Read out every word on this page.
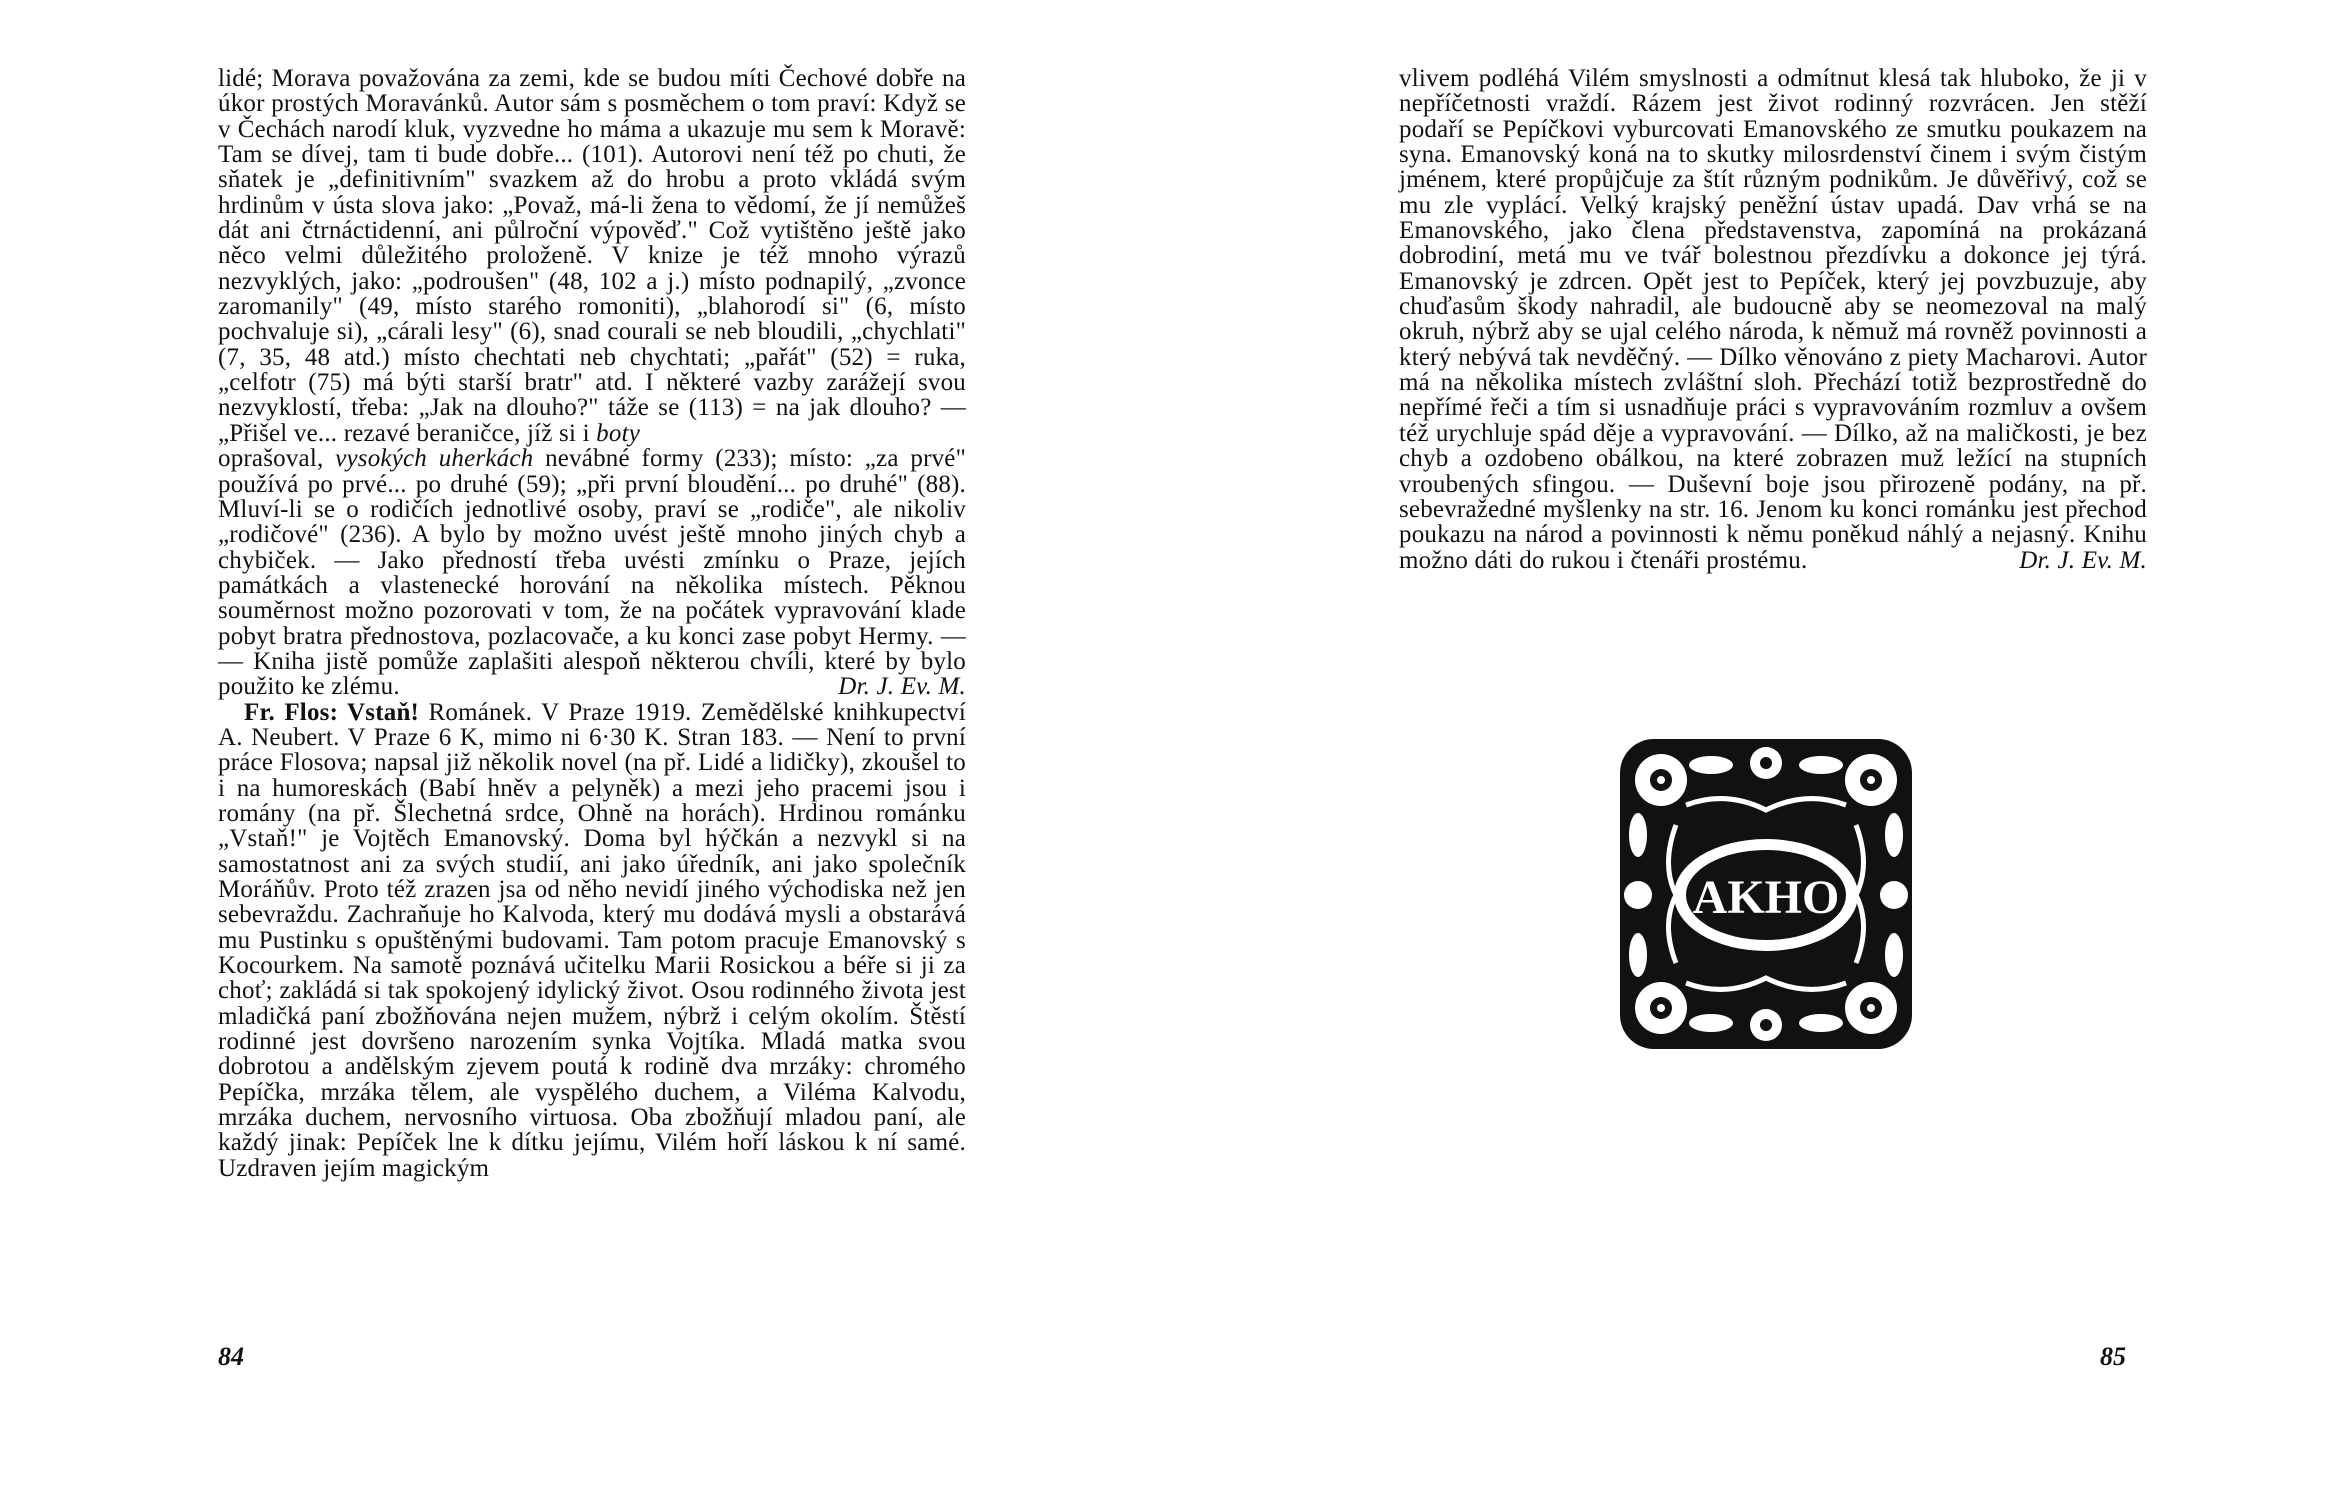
lidé; Morava považována za zemi, kde se budou míti Čechové dobře na úkor prostých Moravánků. Autor sám s posměchem o tom praví: Když se v Čechách narodí kluk, vyzvedne ho máma a ukazuje mu sem k Moravě: Tam se dívej, tam ti bude dobře... (101). Autorovi není též po chuti, že sňatek je „definitivním" svazkem až do hrobu a proto vkládá svým hrdinům v ústa slova jako: „Považ, má-li žena to vědomí, že jí nemůžeš dát ani čtrnáctidenní, ani půlroční výpověď." Což vytištěno ještě jako něco velmi důležitého proloženě. V knize je též mnoho výrazů nezvyklých, jako: „podroušen" (48, 102 a j.) místo podnapilý, „zvonce zaromanily" (49, místo starého romoniti), „blahorodí si" (6, místo pochvaluje si), „cárali lesy" (6), snad courali se neb bloudili, „chychlati" (7, 35, 48 atd.) místo chechtati neb chychtati; „pařát" (52) = ruka, „celfotr (75) má býti starší bratr" atd. I některé vazby zarážejí svou nezvyklostí, třeba: „Jak na dlouho?" táže se (113) = na jak dlouho? — „Přišel ve... rezavé beraničce, jíž si i boty
oprašoval, vysokých uherkách nevábné formy (233); místo: „za prvé" používá po prvé... po druhé (59); „při první bloudění... po druhé" (88). Mluví-li se o rodičích jednotlivé osoby, praví se „rodiče", ale nikoliv „rodičové" (236). A bylo by možno uvést ještě mnoho jiných chyb a chybiček. — Jako předností třeba uvésti zmínku o Praze, jejích památkách a vlastenecké horování na několika místech. Pěknou souměrnost možno pozorovati v tom, že na počátek vypravování klade pobyt bratra přednostova, pozlacovače, a ku konci zase pobyt Hermy. — — Kniha jistě pomůže zaplašiti alespoň některou chvíli, které by bylo použito ke zlému.	Dr. J. Ev. M.

Fr. Flos: Vstaň! Románek. V Praze 1919. Zemědělské knihkupectví A. Neubert. V Praze 6 K, mimo ni 6·30 K. Stran 183. — Není to první práce Flosova; napsal již několik novel (na př. Lidé a lidičky), zkoušel to i na humoreskách (Babí hněv a pelyněk) a mezi jeho pracemi jsou i romány (na př. Šlechetná srdce, Ohně na horách). Hrdinou románku „Vstaň!" je Vojtěch Emanovský. Doma byl hýčkán a nezvykl si na samostatnost ani za svých studií, ani jako úředník, ani jako společník Moráňův. Proto též zrazen jsa od něho nevidí jiného východiska než jen sebevraždu. Zachraňuje ho Kalvoda, který mu dodává mysli a obstarává mu Pustinku s opuštěnými budovami. Tam potom pracuje Emanovský s Kocourkem. Na samotě poznává učitelku Marii Rosickou a béře si ji za choť; zakládá si tak spokojený idylický život. Osou rodinného života jest mladičká paní zbožňována nejen mužem, nýbrž i celým okolím. Štěstí rodinné jest dovršeno narozením synka Vojtíka. Mladá matka svou dobrotou a andělským zjevem poutá k rodině dva mrzáky: chromého Pepíčka, mrzáka tělem, ale vyspělého duchem, a Viléma Kalvodu, mrzáka duchem, nervosního virtuosa. Oba zbožňují mladou paní, ale každý jinak: Pepíček lne k dítku jejímu, Vilém hoří láskou k ní samé. Uzdraven jejím magickým

84

vlivem podléhá Vilém smyslnosti a odmítnut klesá tak hluboko, že ji v nepříčetnosti vraždí. Rázem jest život rodinný rozvrácen. Jen stěží podaří se Pepíčkovi vyburcovati Emanovského ze smutku poukazem na syna. Emanovský koná na to skutky milosrdenství činem i svým čistým jménem, které propůjčuje za štít různým podnikům. Je důvěřivý, což se mu zle vyplácí. Velký krajský peněžní ústav upadá. Dav vrhá se na Emanovského, jako člena představenstva, zapomíná na prokázaná dobrodiní, metá mu ve tvář bolestnou přezdívku a dokonce jej týrá. Emanovský je zdrcen. Opět jest to Pepíček, který jej povzbuzuje, aby chuďasům škody nahradil, ale budoucně aby se neomezoval na malý okruh, nýbrž aby se ujal celého národa, k němuž má rovněž povinnosti a který nebývá tak nevděčný. — Dílko věnováno z piety Macharovi. Autor má na několika místech zvláštní sloh. Přechází totiž bezprostředně do nepřímé řeči a tím si usnadňuje práci s vypravováním rozmluv a ovšem též urychluje spád děje a vypravování. — Dílko, až na maličkosti, je bez chyb a ozdobeno obálkou, na které zobrazen muž ležící na stupních vroubených sfingou. — Duševní boje jsou přirozeně podány, na př. sebevražedné myšlenky na str. 16. Jenom ku konci románku jest přechod poukazu na národ a povinnosti k němu poněkud náhlý a nejasný. Knihu možno dáti do rukou i čtenáři prostému.	Dr. J. Ev. M.

AKHO
85
